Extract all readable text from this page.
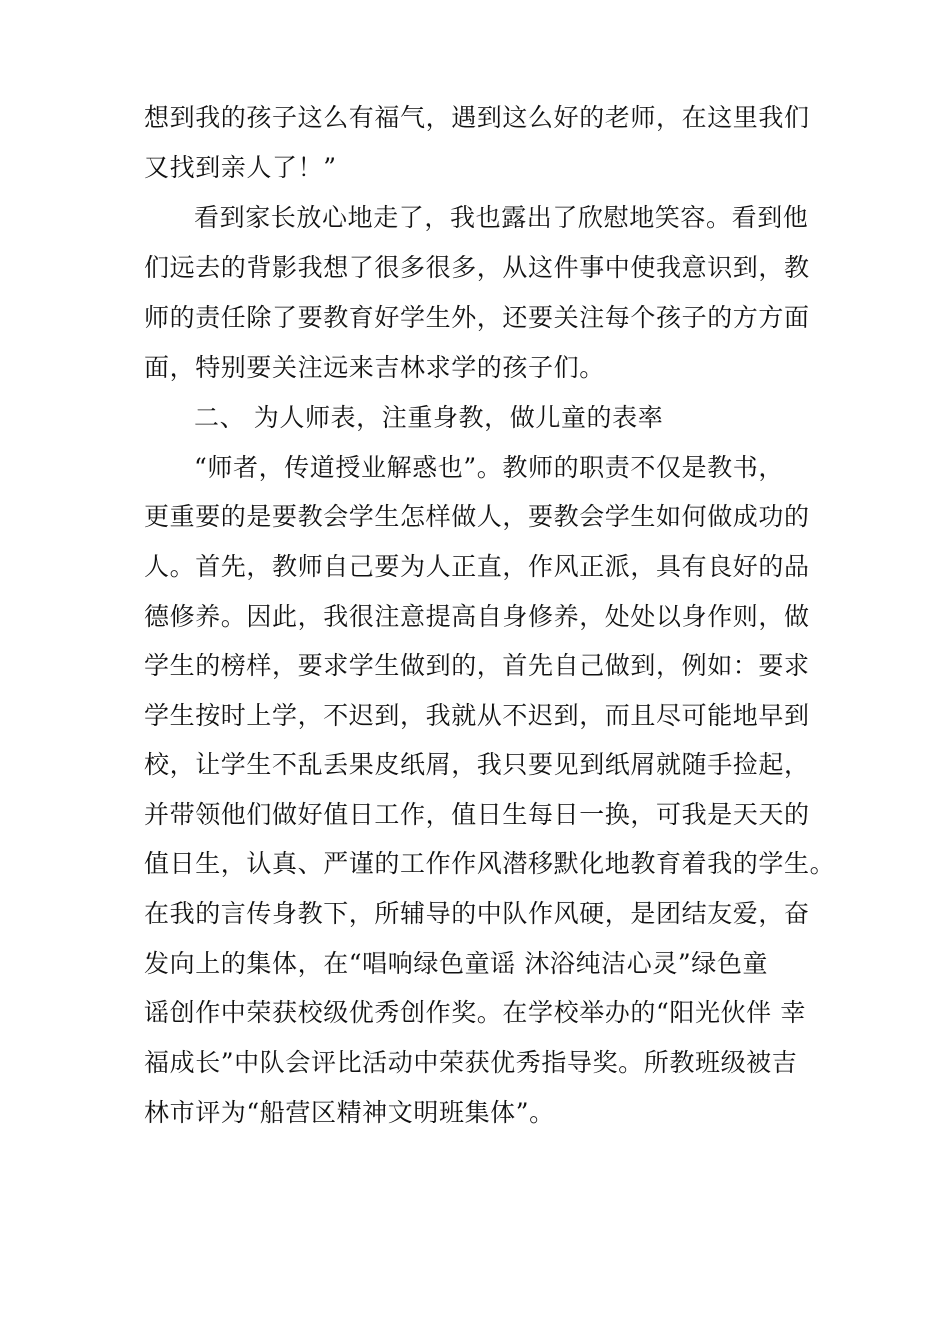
想到我的孩子这么有福气，遇到这么好的老师，在这里我们
又找到亲人了！”
看到家长放心地走了，我也露出了欣慰地笑容。看到他
们远去的背影我想了很多很多，从这件事中使我意识到，教
师的责任除了要教育好学生外，还要关注每个孩子的方方面
面，特别要关注远来吉林求学的孩子们。
二、 为人师表，注重身教，做儿童的表率
“师者，传道授业解惑也”。教师的职责不仅是教书，
更重要的是要教会学生怎样做人，要教会学生如何做成功的
人。首先，教师自己要为人正直，作风正派，具有良好的品
德修养。因此，我很注意提高自身修养，处处以身作则，做
学生的榜样，要求学生做到的，首先自己做到，例如：要求
学生按时上学，不迟到，我就从不迟到，而且尽可能地早到
校，让学生不乱丢果皮纸屑，我只要见到纸屑就随手捡起，
并带领他们做好值日工作，值日生每日一换，可我是天天的
值日生，认真、严谨的工作作风潜移默化地教育着我的学生。
在我的言传身教下，所辅导的中队作风硬，是团结友爱，奋
发向上的集体，在“唱响绿色童谣 沐浴纯洁心灵”绿色童
谣创作中荣获校级优秀创作奖。在学校举办的“阳光伙伴 幸
福成长”中队会评比活动中荣获优秀指导奖。所教班级被吉
林市评为“船营区精神文明班集体”。
